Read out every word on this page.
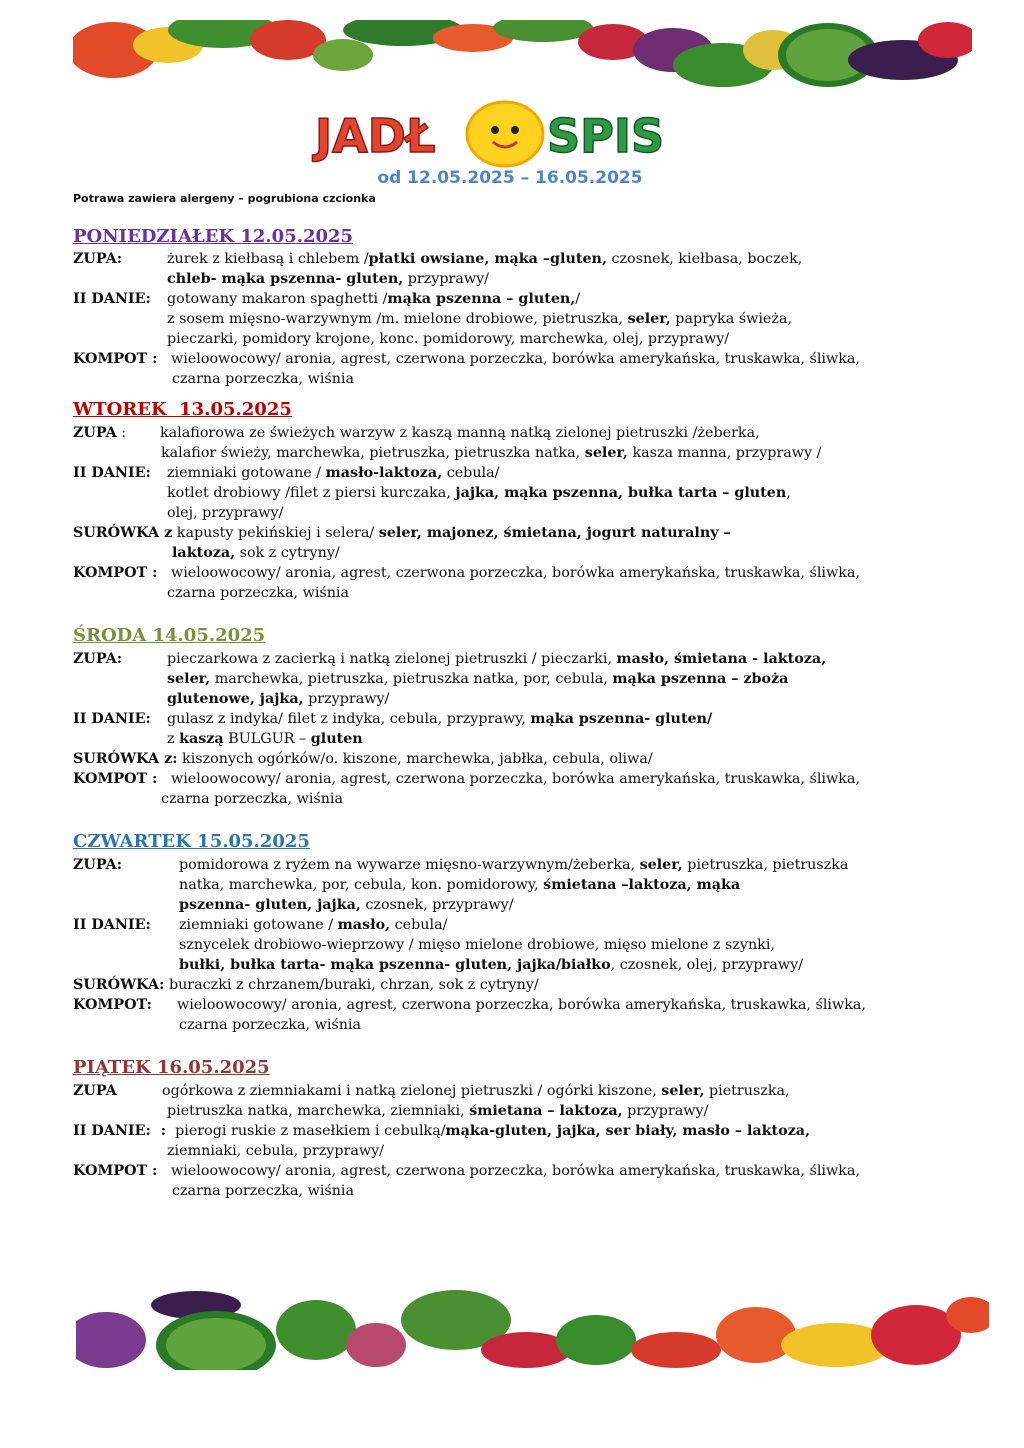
JADŁ SPIS
od 12.05.2025 – 16.05.2025
Potrawa zawiera alergeny – pogrubiona czcionka
PONIEDZIAŁEK 12.05.2025
ZUPA:	żurek z kiełbasą i chlebem /płatki owsiane, mąka –gluten, czosnek, kiełbasa, boczek,
chleb- mąka pszenna- gluten, przyprawy/
II DANIE: gotowany makaron spaghetti /mąka pszenna – gluten,/
z sosem mięsno-warzywnym /m. mielone drobiowe, pietruszka, seler, papryka świeża,
pieczarki, pomidory krojone, konc. pomidorowy, marchewka, olej, przyprawy/
KOMPOT : wieloowocowy/ aronia, agrest, czerwona porzeczka, borówka amerykańska, truskawka, śliwka,
czarna porzeczka, wiśnia
WTOREK  13.05.2025
ZUPA : kalafiorowa ze świeżych warzyw z kaszą manną natką zielonej pietruszki /żeberka,
kalafior świeży, marchewka, pietruszka, pietruszka natka, seler, kasza manna, przyprawy /
II DANIE: ziemniaki gotowane / masło-laktoza, cebula/
kotlet drobiowy /filet z piersi kurczaka, jajka, mąka pszenna, bułka tarta – gluten,
olej, przyprawy/
SURÓWKA z kapusty pekińskiej i selera/ seler, majonez, śmietana, jogurt naturalny –
laktoza, sok z cytryny/
KOMPOT : wieloowocowy/ aronia, agrest, czerwona porzeczka, borówka amerykańska, truskawka, śliwka,
czarna porzeczka, wiśnia
ŚRODA 14.05.2025
ZUPA:	pieczarkowa z zacierką i natką zielonej pietruszki / pieczarki, masło, śmietana - laktoza,
seler, marchewka, pietruszka, pietruszka natka, por, cebula, mąka pszenna – zboża
glutenowe, jajka, przyprawy/
II DANIE: gulasz z indyka/ filet z indyka, cebula, przyprawy, mąka pszenna- gluten/
z kaszą BULGUR – gluten
SURÓWKA z: kiszonych ogórków/o. kiszone, marchewka, jabłka, cebula, oliwa/
KOMPOT : wieloowocowy/ aronia, agrest, czerwona porzeczka, borówka amerykańska, truskawka, śliwka,
czarna porzeczka, wiśnia
CZWARTEK 15.05.2025
ZUPA:	pomidorowa z ryżem na wywarze mięsno-warzywnym/żeberka, seler, pietruszka, pietruszka
natka, marchewka, por, cebula, kon. pomidorowy, śmietana –laktoza, mąka
pszenna- gluten, jajka, czosnek, przyprawy/
II DANIE: ziemniaki gotowane / masło, cebula/
sznycelek drobiowo-wieprzowy / mięso mielone drobiowe, mięso mielone z szynki,
bułki, bułka tarta- mąka pszenna- gluten, jajka/białko, czosnek, olej, przyprawy/
SURÓWKA: buraczki z chrzanem/buraki, chrzan, sok z cytryny/
KOMPOT: wieloowocowy/ aronia, agrest, czerwona porzeczka, borówka amerykańska, truskawka, śliwka,
czarna porzeczka, wiśnia
PIĄTEK 16.05.2025
ZUPA	ogórkowa z ziemniakami i natką zielonej pietruszki / ogórki kiszone, seler, pietruszka,
pietruszka natka, marchewka, ziemniaki, śmietana – laktoza, przyprawy/
II DANIE:  :  pierogi ruskie z masełkiem i cebulką/mąka-gluten, jajka, ser biały, masło – laktoza,
ziemniaki, cebula, przyprawy/
KOMPOT : wieloowocowy/ aronia, agrest, czerwona porzeczka, borówka amerykańska, truskawka, śliwka,
czarna porzeczka, wiśnia
